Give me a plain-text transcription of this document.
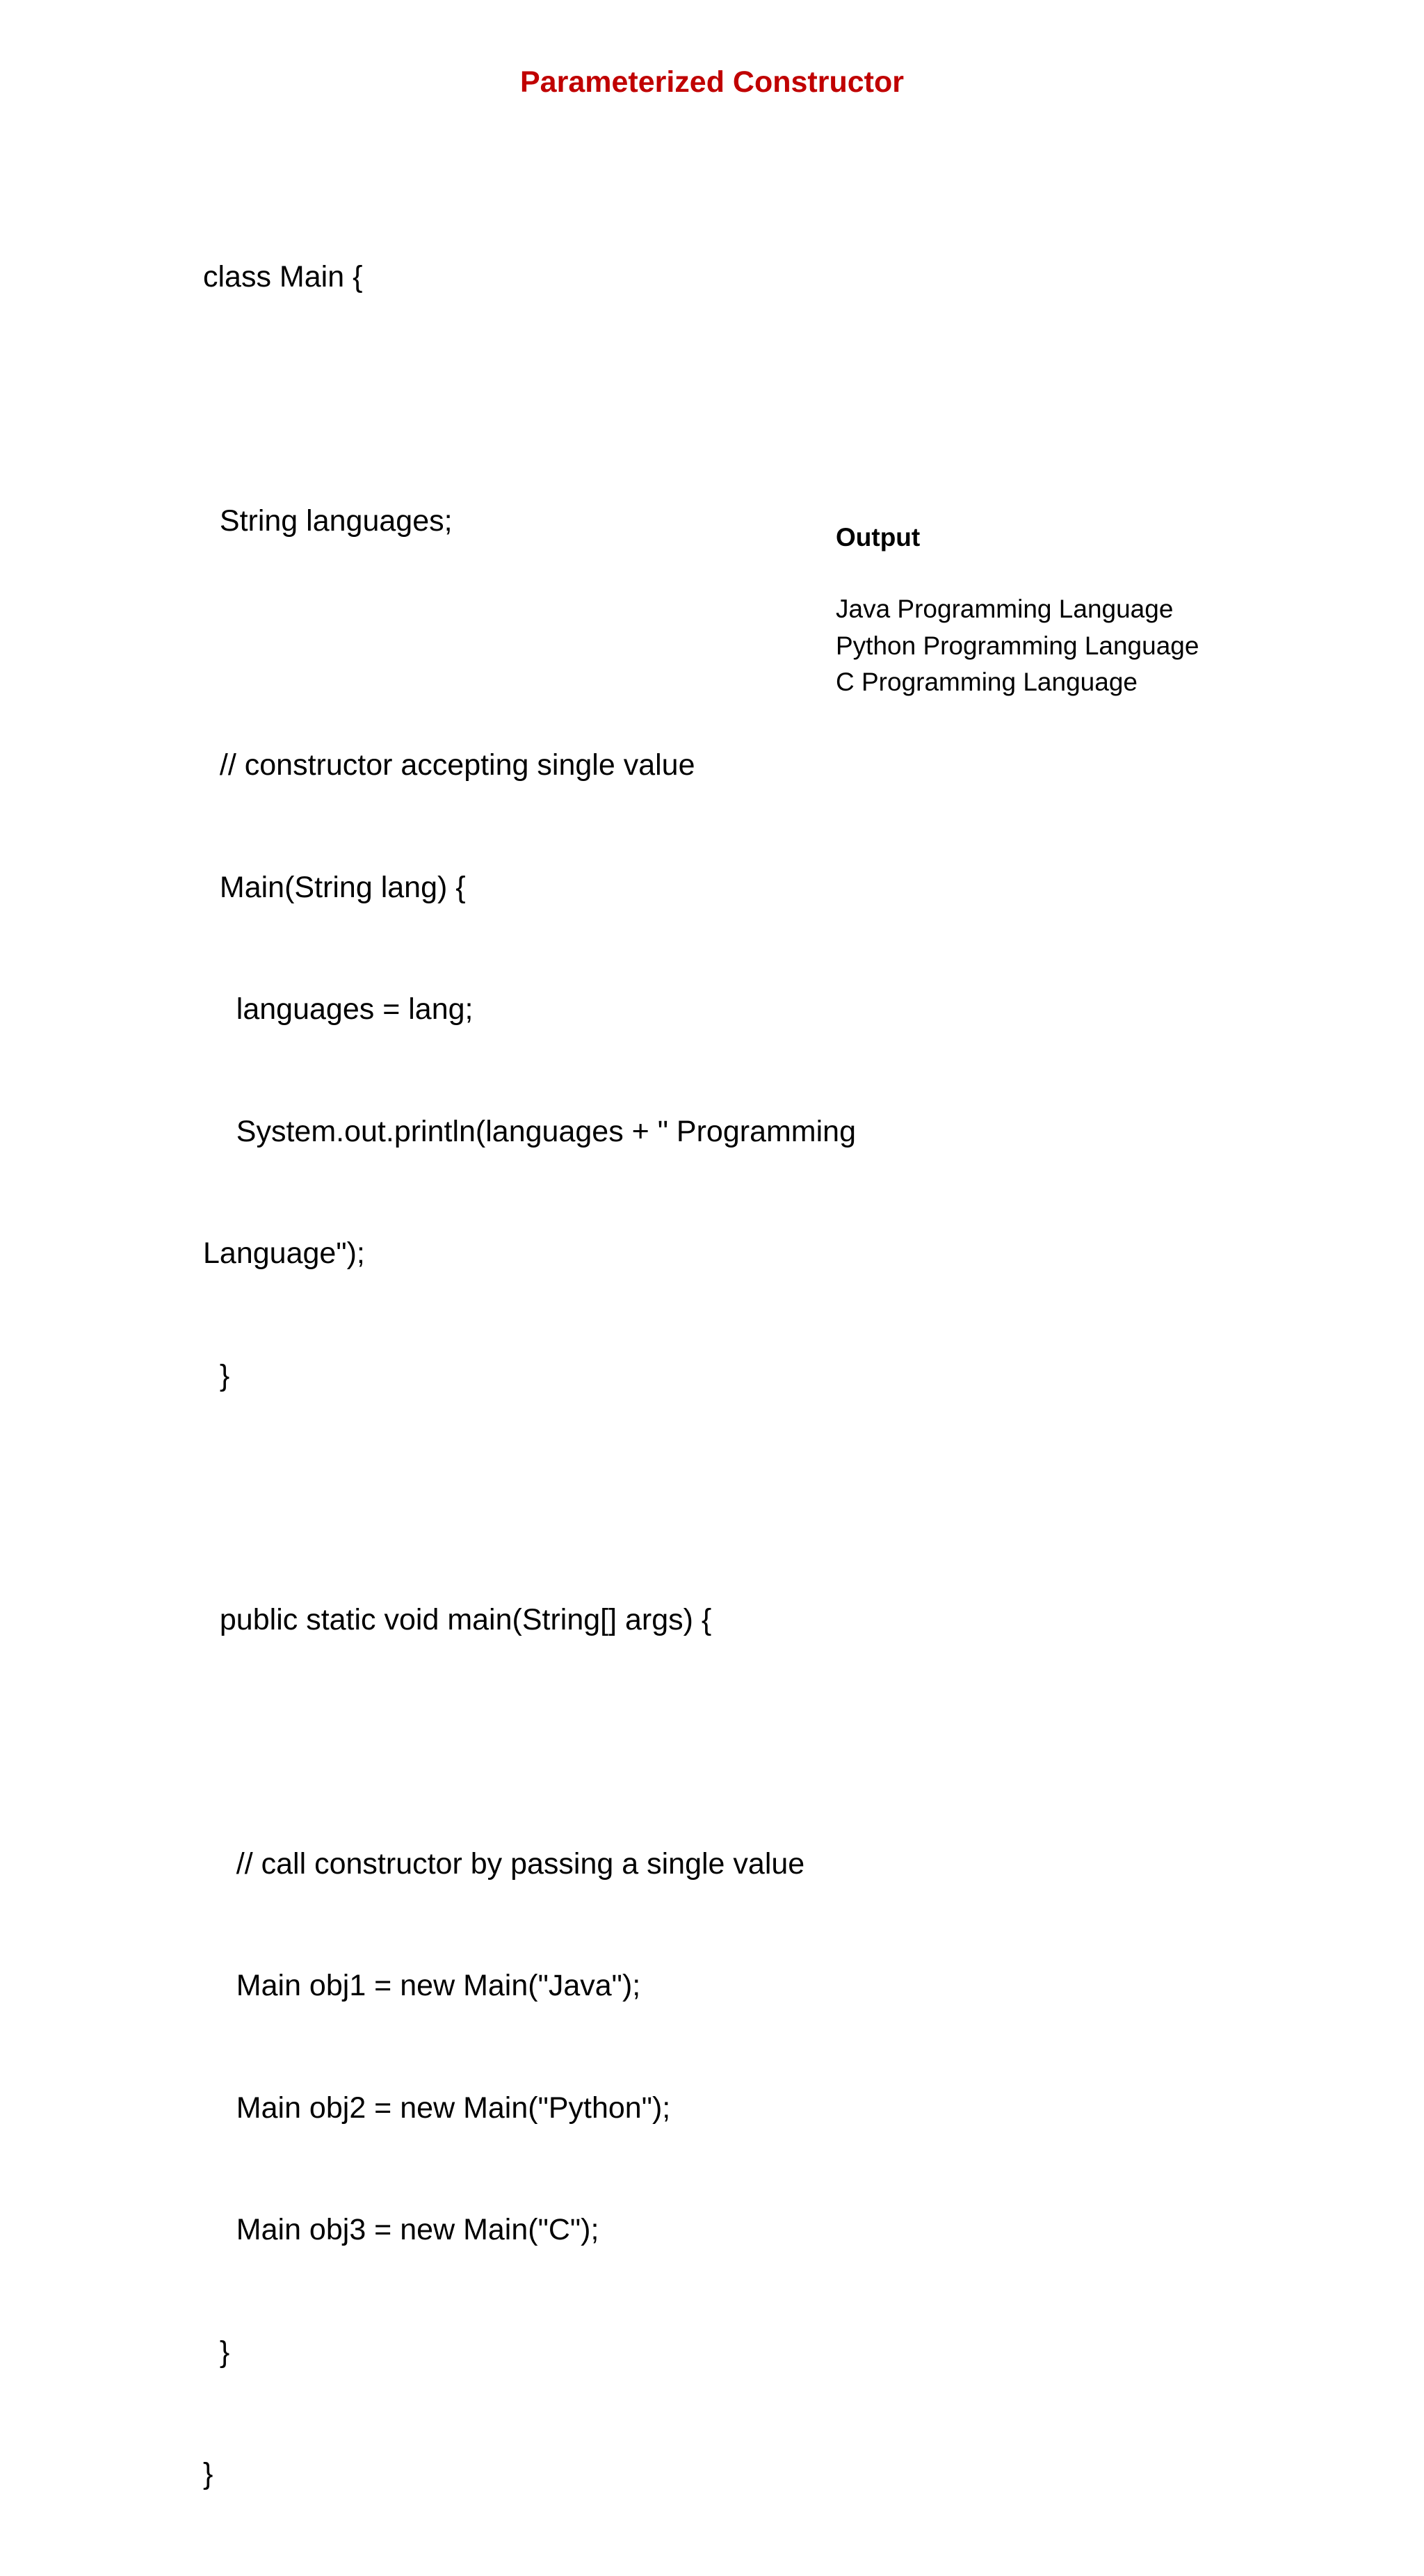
Parameterized Constructor

class Main {

String languages;

// constructor accepting single value

Main(String lang) {

languages = lang;

System.out.println(languages + " Programming

Language");

}

public static void main(String[] args) {

// call constructor by passing a single value

Main obj1 = new Main("Java");

Main obj2 = new Main("Python");

Main obj3 = new Main("C");

}

}

Output

Java Programming Language
Python Programming Language
C Programming Language
